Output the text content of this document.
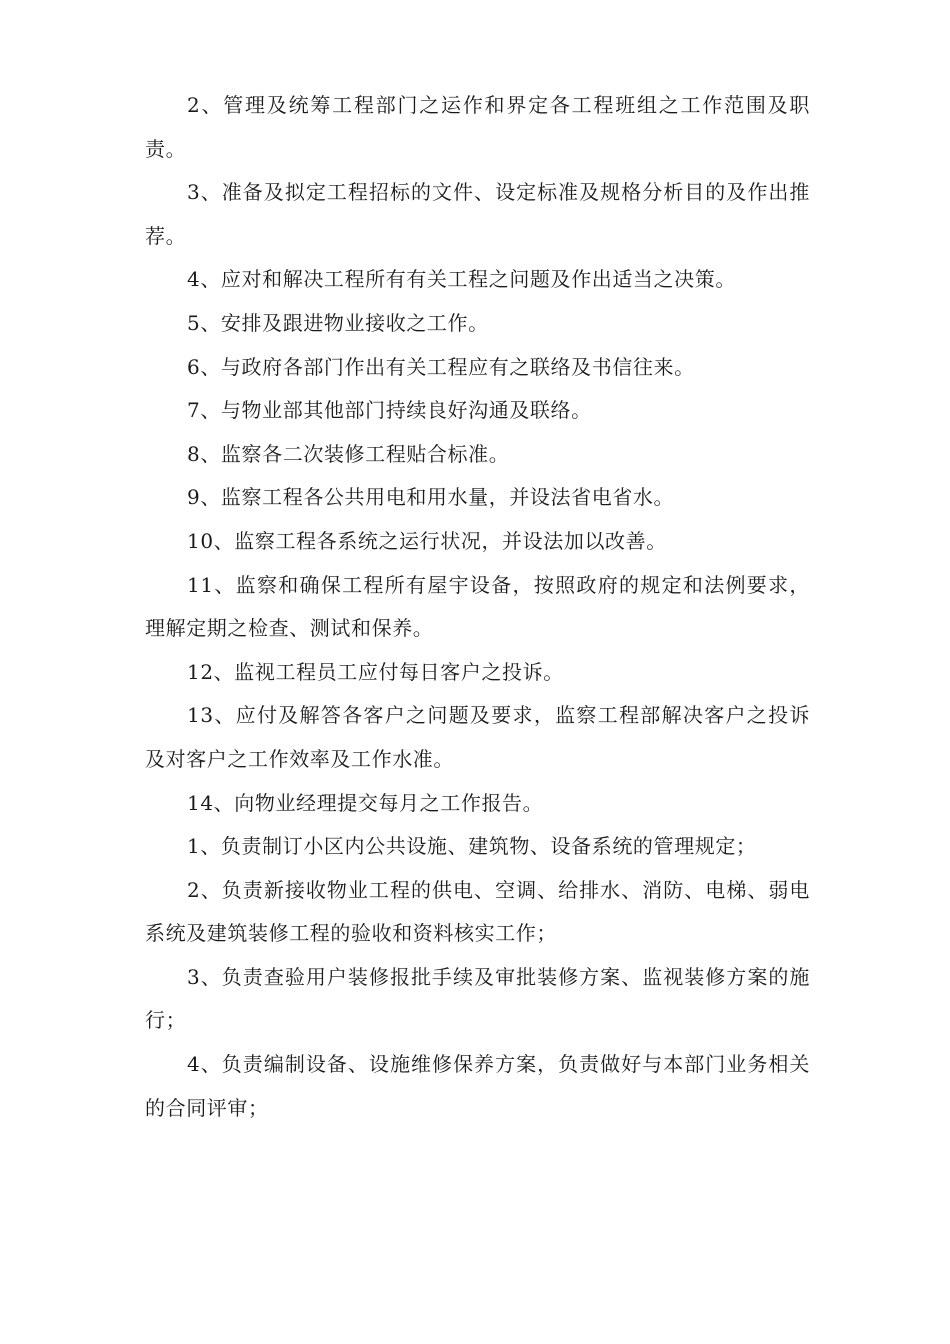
2、管理及统筹工程部门之运作和界定各工程班组之工作范围及职责。

3、准备及拟定工程招标的文件、设定标准及规格分析目的及作出推荐。

4、应对和解决工程所有有关工程之问题及作出适当之决策。

5、安排及跟进物业接收之工作。

6、与政府各部门作出有关工程应有之联络及书信往来。

7、与物业部其他部门持续良好沟通及联络。

8、监察各二次装修工程贴合标准。

9、监察工程各公共用电和用水量，并设法省电省水。

10、监察工程各系统之运行状况，并设法加以改善。

11、监察和确保工程所有屋宇设备，按照政府的规定和法例要求，理解定期之检查、测试和保养。

12、监视工程员工应付每日客户之投诉。

13、应付及解答各客户之问题及要求，监察工程部解决客户之投诉及对客户之工作效率及工作水准。

14、向物业经理提交每月之工作报告。

1、负责制订小区内公共设施、建筑物、设备系统的管理规定；

2、负责新接收物业工程的供电、空调、给排水、消防、电梯、弱电系统及建筑装修工程的验收和资料核实工作；

3、负责查验用户装修报批手续及审批装修方案、监视装修方案的施行；

4、负责编制设备、设施维修保养方案，负责做好与本部门业务相关的合同评审；
